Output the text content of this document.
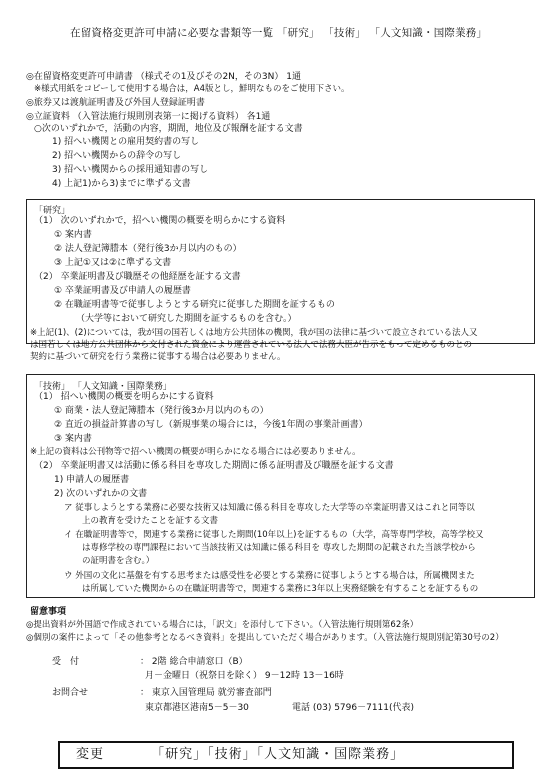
在留資格変更許可申請に必要な書類等一覧 「研究」 「技術」 「人文知識・国際業務」
◎在留資格変更許可申請書 （様式その1及びその2N，その3N） 1通
※様式用紙をコピーして使用する場合は，A4版とし，鮮明なものをご使用下さい。
◎旅券又は渡航証明書及び外国人登録証明書
◎立証資料 （入管法施行規則別表第一に掲げる資料） 各1通
○次のいずれかで，活動の内容，期間，地位及び報酬を証する文書
1) 招へい機関との雇用契約書の写し
2) 招へい機関からの辞令の写し
3) 招へい機関からの採用通知書の写し
4) 上記1)から3)までに準ずる文書
「研究」
（1） 次のいずれかで，招へい機関の概要を明らかにする資料
① 案内書
② 法人登記簿謄本（発行後3か月以内のもの）
③ 上記①又は②に準ずる文書
（2） 卒業証明書及び職歴その他経歴を証する文書
① 卒業証明書及び申請人の履歴書
② 在職証明書等で従事しようとする研究に従事した期間を証するもの
（大学等において研究した期間を証するものを含む。）
※上記(1)、(2)については，我が国の国若しくは地方公共団体の機関，我が国の法律に基づいて設立されている法人又
は国若しくは地方公共団体から交付された資金により運営されている法人で法務大臣が告示をもって定めるものとの
契約に基づいて研究を行う業務に従事する場合は必要ありません。
「技術」 「人文知識・国際業務」
（1） 招へい機関の概要を明らかにする資料
① 商業・法人登記簿謄本（発行後3か月以内のもの）
② 直近の損益計算書の写し（新規事業の場合には，今後1年間の事業計画書）
③ 案内書
※上記の資料は公刊物等で招へい機関の概要が明らかになる場合には必要ありません。
（2） 卒業証明書又は活動に係る科目を専攻した期間に係る証明書及び職歴を証する文書
1) 申請人の履歴書
2) 次のいずれかの文書
ア 従事しようとする業務に必要な技術又は知識に係る科目を専攻した大学等の卒業証明書又はこれと同等以
上の教育を受けたことを証する文書
イ 在職証明書等で，関連する業務に従事した期間(10年以上)を証するもの（大学，高等専門学校，高等学校又
は専修学校の専門課程において当該技術又は知識に係る科目を 専攻した期間の記載された当該学校から
の証明書を含む。）
ウ 外国の文化に基盤を有する思考または感受性を必要とする業務に従事しようとする場合は，所属機関また
は所属していた機関からの在職証明書等で，関連する業務に3年以上実務経験を有することを証するもの
留意事項
◎提出資料が外国語で作成されている場合には，「訳文」を添付して下さい。（入管法施行規則第62条）
◎個別の案件によって「その他参考となるべき資料」を提出していただく場合があります。（入管法施行規則別記第30号の2）
受　付	： 2階 総合申請窓口（B）
月－金曜日（祝祭日を除く） 9－12時 13－16時
お問合せ	： 東京入国管理局 就労審査部門
東京都港区港南5－5－30	電話 (03) 5796－7111(代表)
変更	「研究」「技術」「人文知識・国際業務」
